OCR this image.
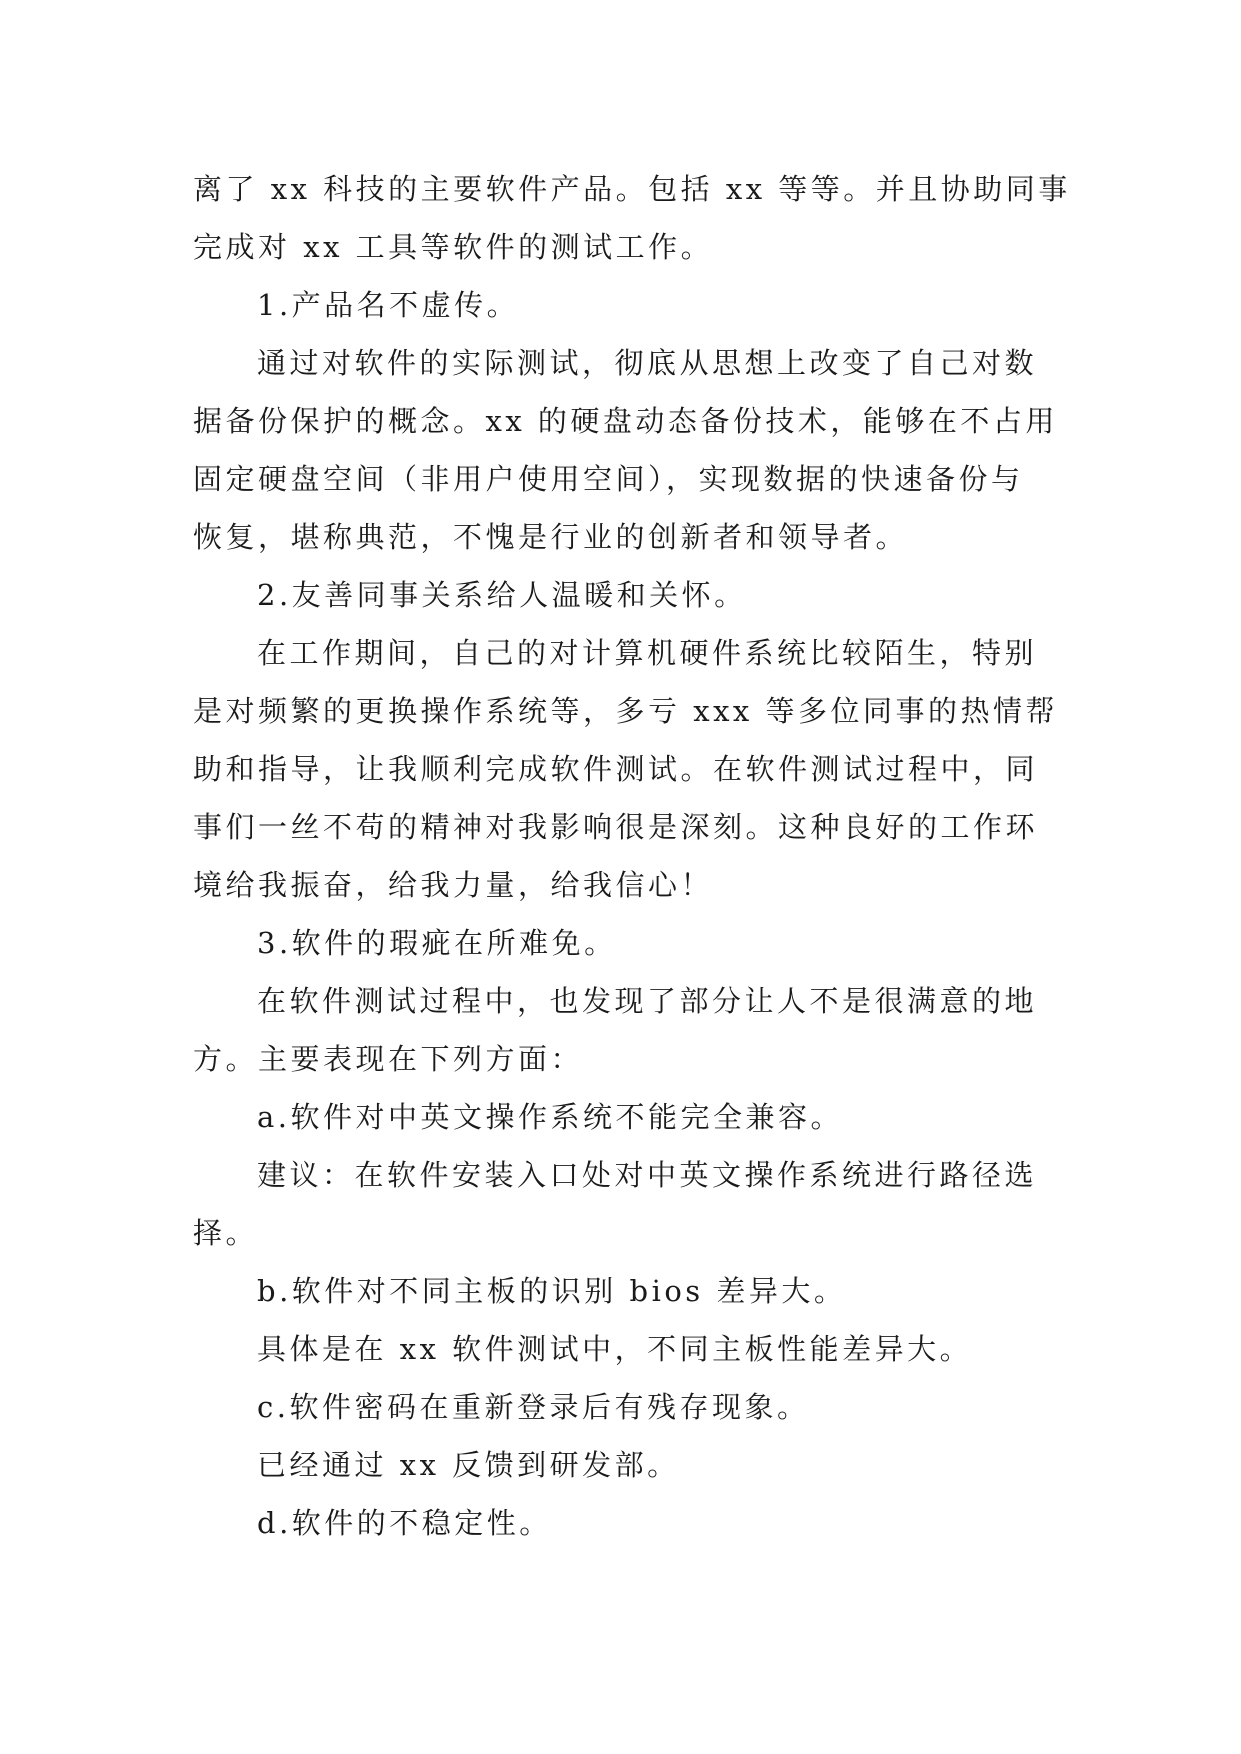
离了 xx 科技的主要软件产品。包括 xx 等等。并且协助同事
完成对 xx 工具等软件的测试工作。
1.产品名不虚传。
通过对软件的实际测试，彻底从思想上改变了自己对数
据备份保护的概念。xx 的硬盘动态备份技术，能够在不占用
固定硬盘空间（非用户使用空间），实现数据的快速备份与
恢复，堪称典范，不愧是行业的创新者和领导者。
2.友善同事关系给人温暖和关怀。
在工作期间，自己的对计算机硬件系统比较陌生，特别
是对频繁的更换操作系统等，多亏 xxx 等多位同事的热情帮
助和指导，让我顺利完成软件测试。在软件测试过程中，同
事们一丝不苟的精神对我影响很是深刻。这种良好的工作环
境给我振奋，给我力量，给我信心！
3.软件的瑕疵在所难免。
在软件测试过程中，也发现了部分让人不是很满意的地
方。主要表现在下列方面：
a.软件对中英文操作系统不能完全兼容。
建议：在软件安装入口处对中英文操作系统进行路径选
择。
b.软件对不同主板的识别 bios 差异大。
具体是在 xx 软件测试中，不同主板性能差异大。
c.软件密码在重新登录后有残存现象。
已经通过 xx 反馈到研发部。
d.软件的不稳定性。
